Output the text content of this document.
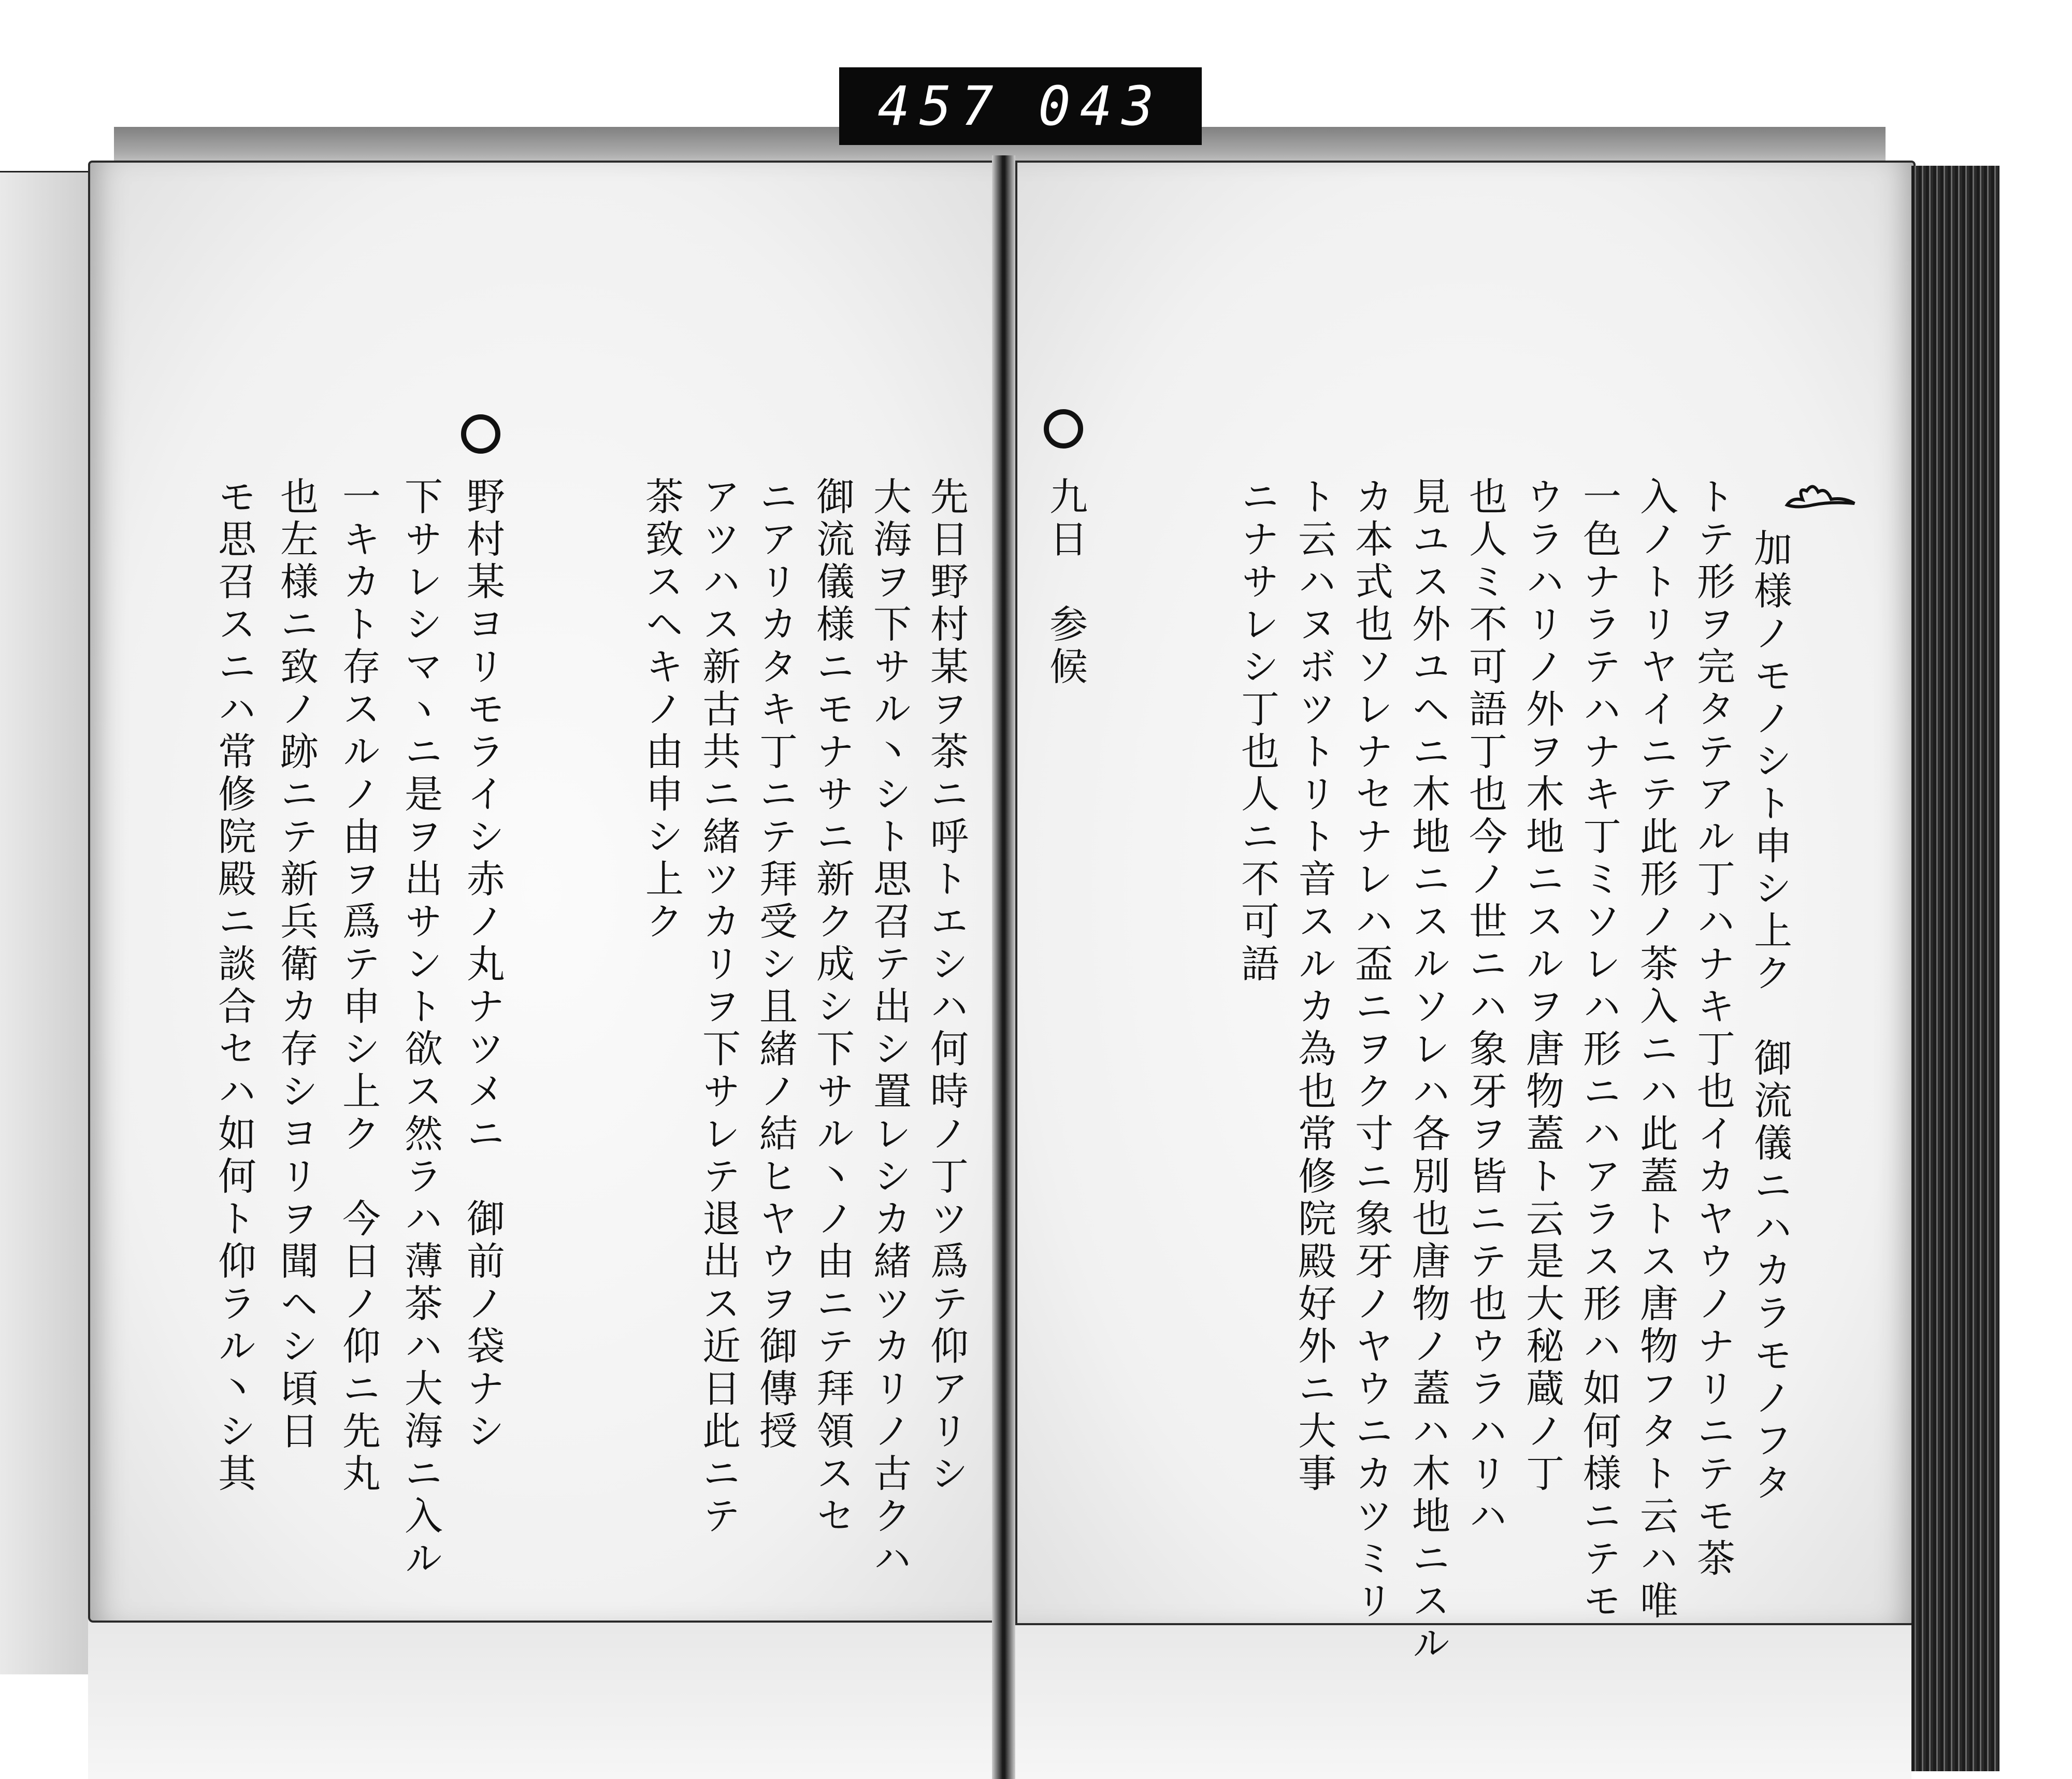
457 043
加様ノモノシト申シ上ク　御流儀ニハカラモノフタ
トテ形ヲ完タテアル丁ハナキ丁也イカヤウノナリニテモ茶
入ノトリヤイニテ此形ノ茶入ニハ此蓋トス唐物フタト云ハ唯
一色ナラテハナキ丁ミソレハ形ニハアラス形ハ如何様ニテモ
ウラハリノ外ヲ木地ニスルヲ唐物蓋ト云是大秘蔵ノ丁
也人ミ不可語丁也今ノ世ニハ象牙ヲ皆ニテ也ウラハリハ
見ユス外ユヘニ木地ニスルソレハ各別也唐物ノ蓋ハ木地ニスル
カ本式也ソレナセナレハ盃ニヲク寸ニ象牙ノヤウニカツミリ
ト云ハヌボツトリト音スルカ為也常修院殿好外ニ大事
ニナサレシ丁也人ニ不可語
九日　参候
先日野村某ヲ茶ニ呼トエシハ何時ノ丁ツ爲テ仰アリシ
大海ヲ下サル丶シト思召テ出シ置レシカ緒ツカリノ古クハ
御流儀様ニモナサニ新ク成シ下サル丶ノ由ニテ拜領スセ
ニアリカタキ丁ニテ拜受シ且緒ノ結ヒヤウヲ御傳授
アツハス新古共ニ緒ツカリヲ下サレテ退出ス近日此ニテ
茶致スヘキノ由申シ上ク
野村某ヨリモライシ赤ノ丸ナツメニ　御前ノ袋ナシ
下サレシマヽニ是ヲ出サント欲ス然ラハ薄茶ハ大海ニ入ル
一キカト存スルノ由ヲ爲テ申シ上ク　今日ノ仰ニ先丸
也左様ニ致ノ跡ニテ新兵衛カ存シヨリヲ聞ヘシ頃日
モ思召スニハ常修院殿ニ談合セハ如何ト仰ラル丶シ其
